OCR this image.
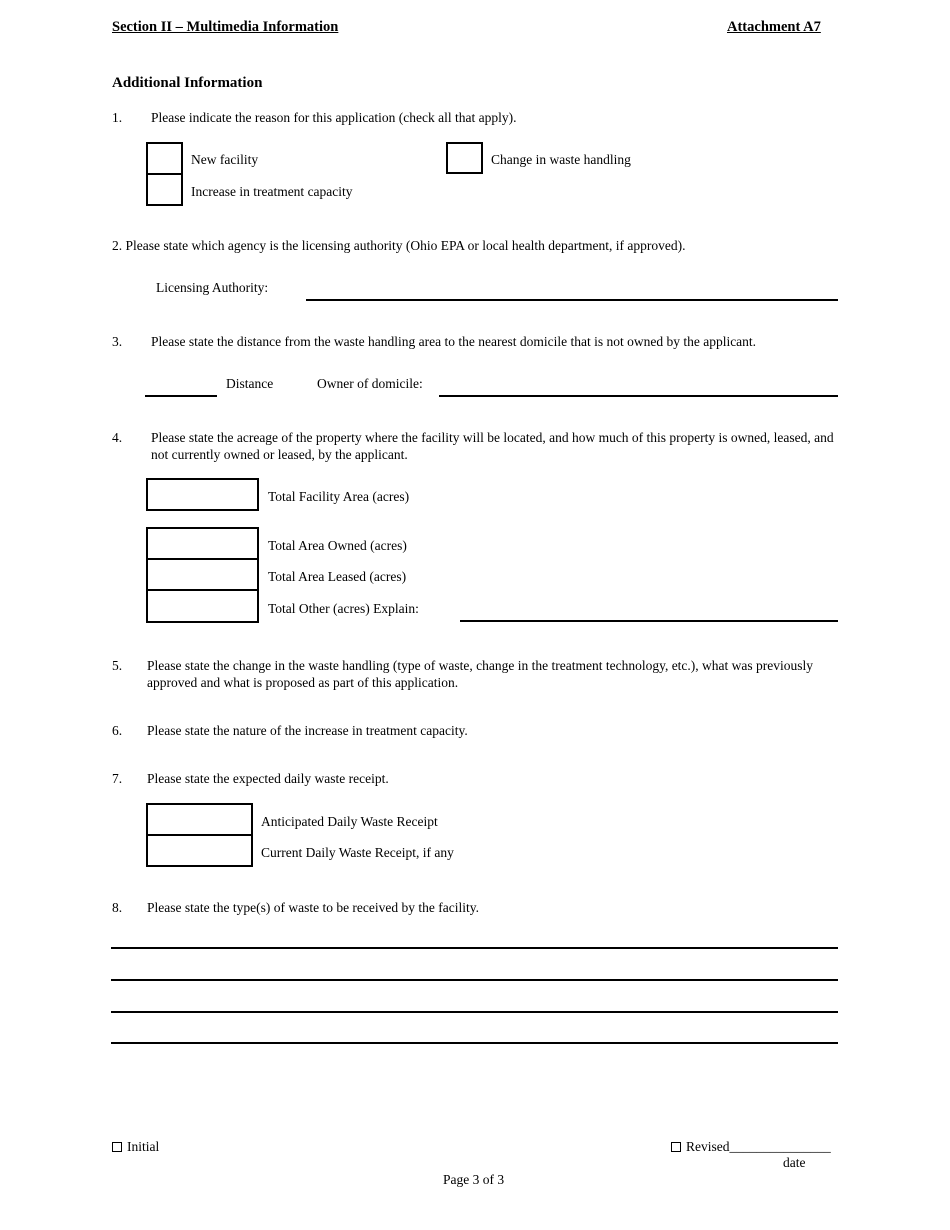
Section II – Multimedia Information	Attachment A7
Additional Information
1. Please indicate the reason for this application (check all that apply).
New facility
Increase in treatment capacity
Change in waste handling
2. Please state which agency is the licensing authority (Ohio EPA or local health department, if approved).
Licensing Authority:
3. Please state the distance from the waste handling area to the nearest domicile that is not owned by the applicant.
Distance	Owner of domicile:
4. Please state the acreage of the property where the facility will be located, and how much of this property is owned, leased, and not currently owned or leased, by the applicant.
Total Facility Area (acres)
Total Area Owned (acres)
Total Area Leased (acres)
Total Other (acres) Explain:
5. Please state the change in the waste handling (type of waste, change in the treatment technology, etc.), what was previously approved and what is proposed as part of this application.
6. Please state the nature of the increase in treatment capacity.
7. Please state the expected daily waste receipt.
Anticipated Daily Waste Receipt
Current Daily Waste Receipt, if any
8. Please state the type(s) of waste to be received by the facility.
Initial	Revised_______________
date
Page 3 of 3
